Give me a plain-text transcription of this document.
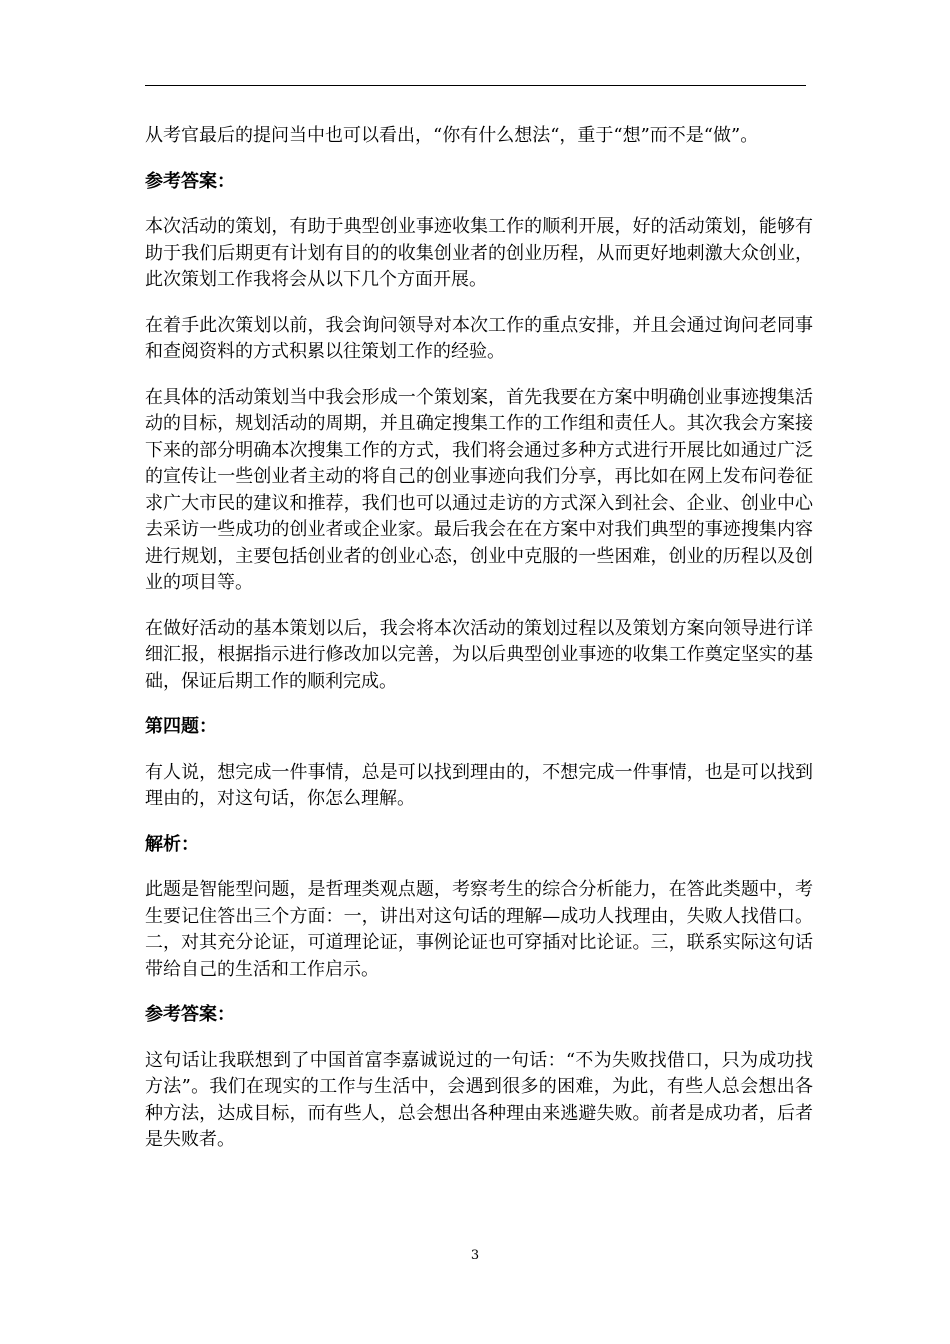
从考官最后的提问当中也可以看出，“你有什么想法“，重于“想”而不是“做”。

参考答案：

本次活动的策划，有助于典型创业事迹收集工作的顺利开展，好的活动策划，能够有助于我们后期更有计划有目的的收集创业者的创业历程，从而更好地刺激大众创业，此次策划工作我将会从以下几个方面开展。

在着手此次策划以前，我会询问领导对本次工作的重点安排，并且会通过询问老同事和查阅资料的方式积累以往策划工作的经验。

在具体的活动策划当中我会形成一个策划案，首先我要在方案中明确创业事迹搜集活动的目标，规划活动的周期，并且确定搜集工作的工作组和责任人。其次我会方案接下来的部分明确本次搜集工作的方式，我们将会通过多种方式进行开展比如通过广泛的宣传让一些创业者主动的将自己的创业事迹向我们分享，再比如在网上发布问卷征求广大市民的建议和推荐，我们也可以通过走访的方式深入到社会、企业、创业中心去采访一些成功的创业者或企业家。最后我会在在方案中对我们典型的事迹搜集内容进行规划，主要包括创业者的创业心态，创业中克服的一些困难，创业的历程以及创业的项目等。

在做好活动的基本策划以后，我会将本次活动的策划过程以及策划方案向领导进行详细汇报，根据指示进行修改加以完善，为以后典型创业事迹的收集工作奠定坚实的基础，保证后期工作的顺利完成。

第四题：

有人说，想完成一件事情，总是可以找到理由的，不想完成一件事情，也是可以找到理由的，对这句话，你怎么理解。

解析：

此题是智能型问题，是哲理类观点题，考察考生的综合分析能力，在答此类题中，考生要记住答出三个方面：一，讲出对这句话的理解—成功人找理由，失败人找借口。二，对其充分论证，可道理论证，事例论证也可穿插对比论证。三，联系实际这句话带给自己的生活和工作启示。

参考答案：

这句话让我联想到了中国首富李嘉诚说过的一句话：“不为失败找借口，只为成功找方法”。我们在现实的工作与生活中，会遇到很多的困难，为此，有些人总会想出各种方法，达成目标，而有些人，总会想出各种理由来逃避失败。前者是成功者，后者是失败者。

3
